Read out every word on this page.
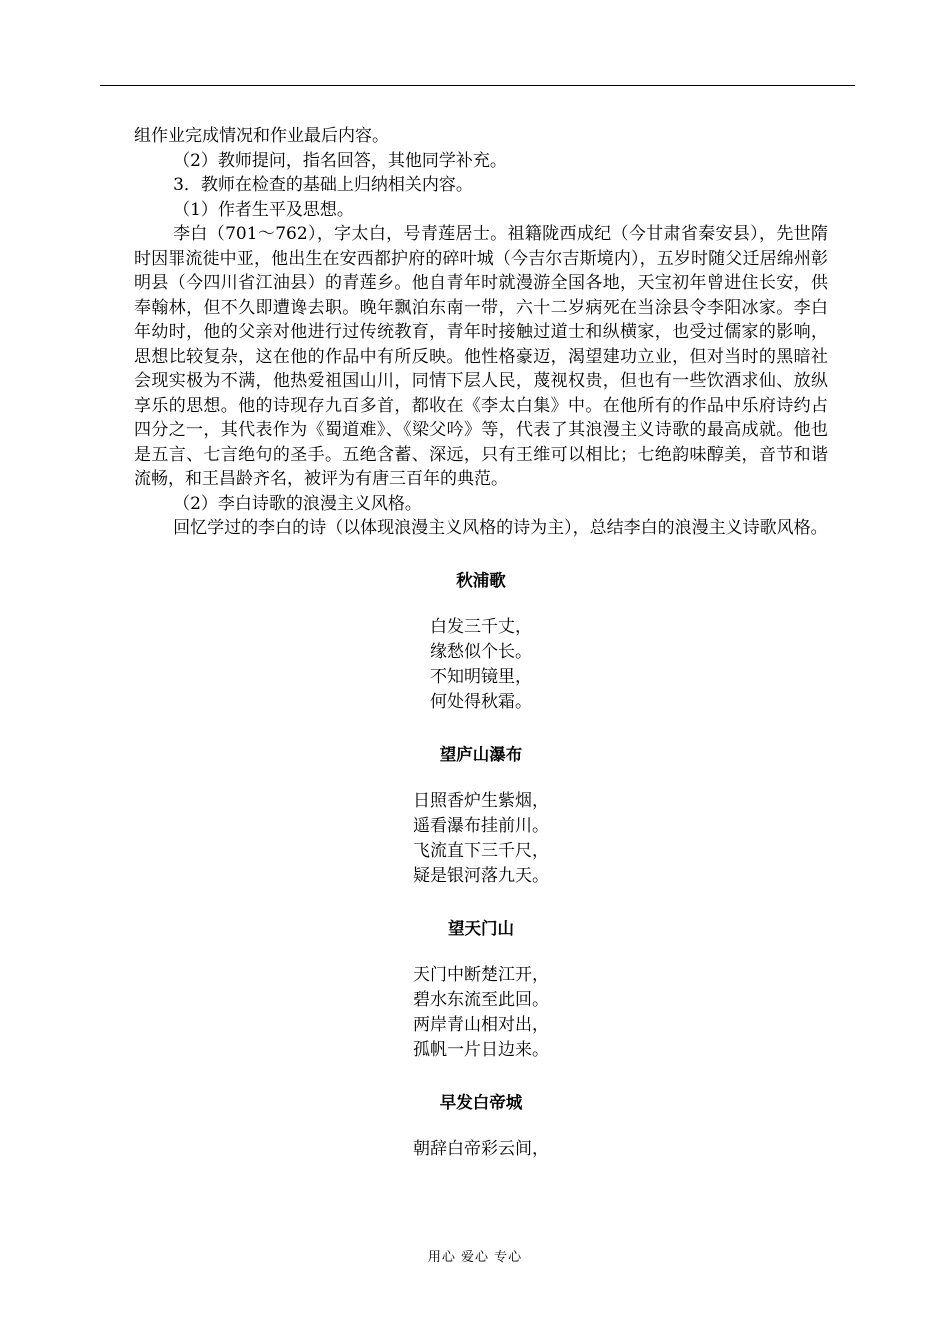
组作业完成情况和作业最后内容。

（2）教师提问，指名回答，其他同学补充。

3．教师在检查的基础上归纳相关内容。

（1）作者生平及思想。

李白（701～762），字太白，号青莲居士。祖籍陇西成纪（今甘肃省秦安县），先世隋时因罪流徙中亚，他出生在安西都护府的碎叶城（今吉尔吉斯境内），五岁时随父迁居绵州彰明县（今四川省江油县）的青莲乡。他自青年时就漫游全国各地，天宝初年曾进住长安，供奉翰林，但不久即遭谗去职。晚年飘泊东南一带，六十二岁病死在当涂县令李阳冰家。李白年幼时，他的父亲对他进行过传统教育，青年时接触过道士和纵横家，也受过儒家的影响，思想比较复杂，这在他的作品中有所反映。他性格豪迈，渴望建功立业，但对当时的黑暗社会现实极为不满，他热爱祖国山川，同情下层人民，蔑视权贵，但也有一些饮酒求仙、放纵享乐的思想。他的诗现存九百多首，都收在《李太白集》中。在他所有的作品中乐府诗约占四分之一，其代表作为《蜀道难》、《梁父吟》等，代表了其浪漫主义诗歌的最高成就。他也是五言、七言绝句的圣手。五绝含蓄、深远，只有王维可以相比；七绝韵味醇美，音节和谐流畅，和王昌龄齐名，被评为有唐三百年的典范。

（2）李白诗歌的浪漫主义风格。

回忆学过的李白的诗（以体现浪漫主义风格的诗为主），总结李白的浪漫主义诗歌风格。

秋浦歌
白发三千丈，
缘愁似个长。
不知明镜里，
何处得秋霜。
望庐山瀑布
日照香炉生紫烟，
遥看瀑布挂前川。
飞流直下三千尺，
疑是银河落九天。
望天门山
天门中断楚江开，
碧水东流至此回。
两岸青山相对出，
孤帆一片日边来。
早发白帝城
朝辞白帝彩云间，
用心 爱心 专心
